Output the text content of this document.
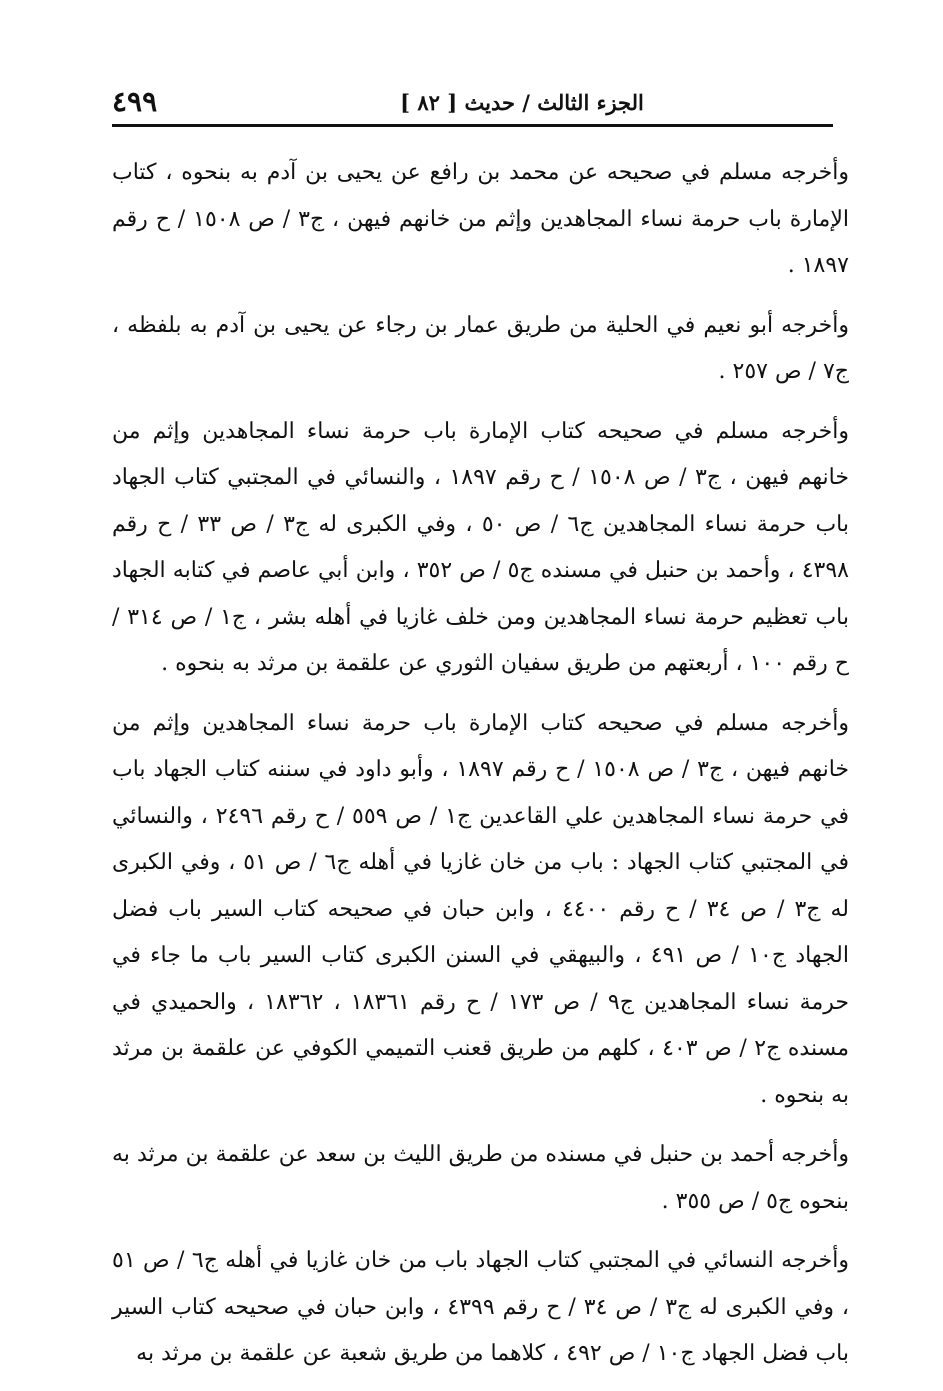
٤٩٩	الجزء الثالث / حديث [ ٨٢ ]

وأخرجه مسلم في صحيحه عن محمد بن رافع عن يحيى بن آدم به بنحوه ، كتاب الإمارة باب حرمة نساء المجاهدين وإثم من خانهم فيهن ، ج٣ / ص ١٥٠٨ / ح رقم ١٨٩٧ .

وأخرجه أبو نعيم في الحلية من طريق عمار بن رجاء عن يحيى بن آدم به بلفظه ، ج٧ / ص ٢٥٧ .

وأخرجه مسلم في صحيحه كتاب الإمارة باب حرمة نساء المجاهدين وإثم من خانهم فيهن ، ج٣ / ص ١٥٠٨ / ح رقم ١٨٩٧ ، والنسائي في المجتبي كتاب الجهاد باب حرمة نساء المجاهدين ج٦ / ص ٥٠ ، وفي الكبرى له ج٣ / ص ٣٣ / ح رقم ٤٣٩٨ ، وأحمد بن حنبل في مسنده ج٥ / ص ٣٥٢ ، وابن أبي عاصم في كتابه الجهاد باب تعظيم حرمة نساء المجاهدين ومن خلف غازيا في أهله بشر ، ج١ / ص ٣١٤ / ح رقم ١٠٠ ، أربعتهم من طريق سفيان الثوري عن علقمة بن مرثد به بنحوه .

وأخرجه مسلم في صحيحه كتاب الإمارة باب حرمة نساء المجاهدين وإثم من خانهم فيهن ، ج٣ / ص ١٥٠٨ / ح رقم ١٨٩٧ ، وأبو داود في سننه كتاب الجهاد باب في حرمة نساء المجاهدين علي القاعدين ج١ / ص ٥٥٩ / ح رقم ٢٤٩٦ ، والنسائي في المجتبي كتاب الجهاد : باب من خان غازيا في أهله ج٦ / ص ٥١ ، وفي الكبرى له ج٣ / ص ٣٤ / ح رقم ٤٤٠٠ ، وابن حبان في صحيحه كتاب السير باب فضل الجهاد ج١٠ / ص ٤٩١ ، والبيهقي في السنن الكبرى كتاب السير باب ما جاء في حرمة نساء المجاهدين ج٩ / ص ١٧٣ / ح رقم ١٨٣٦١ ، ١٨٣٦٢ ، والحميدي في مسنده ج٢ / ص ٤٠٣ ، كلهم من طريق قعنب التميمي الكوفي عن علقمة بن مرثد به بنحوه .

وأخرجه أحمد بن حنبل في مسنده من طريق الليث بن سعد عن علقمة بن مرثد به بنحوه ج٥ / ص ٣٥٥ .

وأخرجه النسائي في المجتبي كتاب الجهاد باب من خان غازيا في أهله ج٦ / ص ٥١ ، وفي الكبرى له ج٣ / ص ٣٤ / ح رقم ٤٣٩٩ ، وابن حبان في صحيحه كتاب السير باب فضل الجهاد ج١٠ / ص ٤٩٢ ، كلاهما من طريق شعبة عن علقمة بن مرثد به
